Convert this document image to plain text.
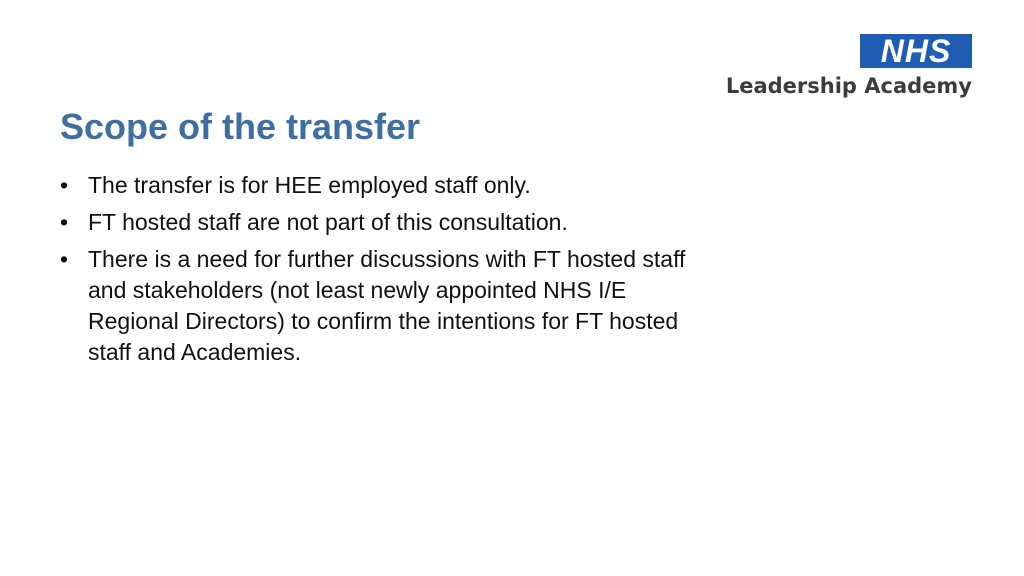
NHS
Leadership Academy
Scope of the transfer
• The transfer is for HEE employed staff only.
• FT hosted staff are not part of this consultation.
• There is a need for further discussions with FT hosted staff and stakeholders (not least newly appointed NHS I/E Regional Directors) to confirm the intentions for FT hosted staff and Academies.
